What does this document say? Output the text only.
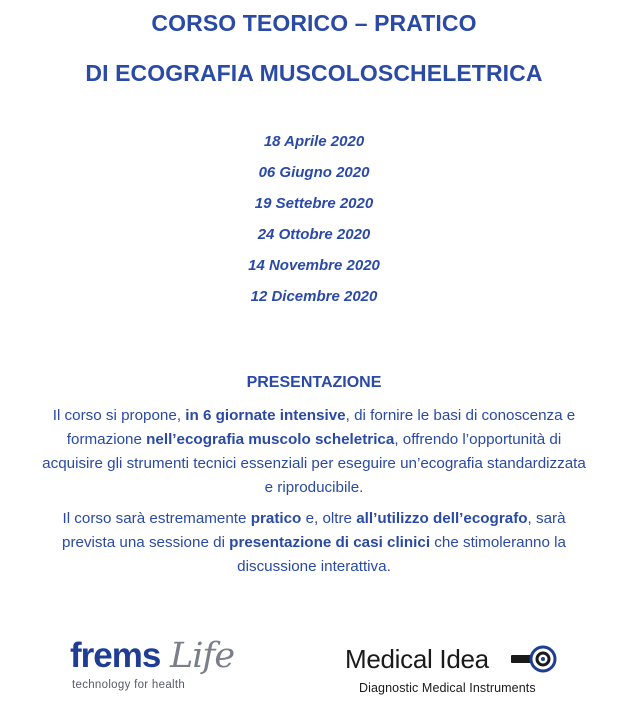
CORSO TEORICO – PRATICO
DI ECOGRAFIA MUSCOLOSCHELETRICA
18 Aprile 2020
06 Giugno 2020
19 Settebre 2020
24 Ottobre 2020
14 Novembre 2020
12 Dicembre 2020
PRESENTAZIONE
Il corso si propone, in 6 giornate intensive, di fornire le basi di conoscenza e formazione nell’ecografia muscolo scheletrica, offrendo l’opportunità di acquisire gli strumenti tecnici essenziali per eseguire un’ecografia standardizzata e riproducibile.
Il corso sarà estremamente pratico e, oltre all’utilizzo dell’ecografo, sarà prevista una sessione di presentazione di casi clinici che stimoleranno la discussione interattiva.
frems Life
technology for health
Medical Idea
Diagnostic Medical Instruments
